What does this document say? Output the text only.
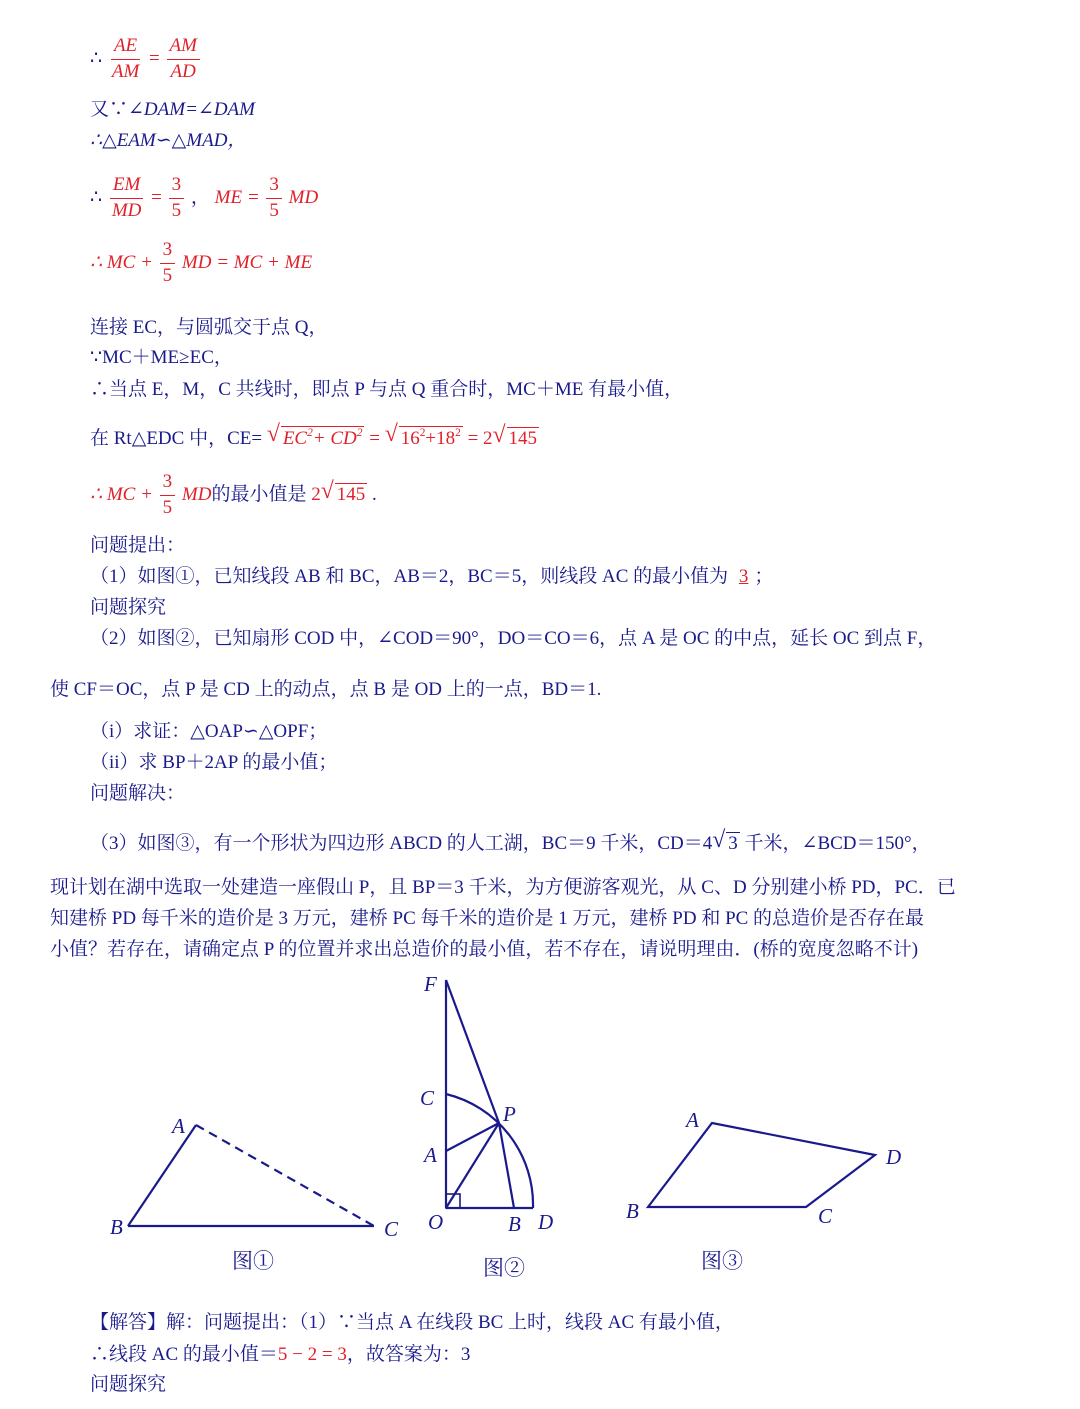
∴ $\frac{AE}{AM} = \frac{AM}{AD}$
又∵∠DAM=∠DAM
∴△EAM∽△MAD，
∴ $\frac{EM}{MD} = \frac{3}{5}$ ， ME = $\frac{3}{5}$ MD
∴ MC + $\frac{3}{5}$ MD = MC + ME
连接 EC，与圆弧交于点 Q，
∵MC＋ME≥EC，
∴当点 E，M，C 共线时，即点 P 与点 Q 重合时，MC＋ME 有最小值，
在 Rt△EDC 中，CE= √ $EC^2+ CD^2$ = √ $16^2+18^2 = 2√$ 145
∴ MC + $\frac{3}{5}$ MD的最小值是 2√ 145 .
问题提出：
（1）如图①，已知线段 AB 和 BC，AB＝2，BC＝5，则线段 AC 的最小值为 3 ；
问题探究
（2）如图②，已知扇形 COD 中，∠COD＝90°，DO＝CO＝6，点 A 是 OC 的中点，延长 OC 到点 F，
使 CF＝OC，点 P 是 CD 上的动点，点 B 是 OD 上的一点，BD＝1.
（i）求证：△OAP∽△OPF；
（ii）求 BP＋2AP 的最小值；
问题解决：
（3）如图③，有一个形状为四边形 ABCD 的人工湖，BC＝9 千米，CD＝4√ 3 千米，∠BCD＝150°，
现计划在湖中选取一处建造一座假山 P，且 BP＝3 千米，为方便游客观光，从 C、D 分别建小桥 PD，PC．已
知建桥 PD 每千米的造价是 3 万元，建桥 PC 每千米的造价是 1 万元，建桥 PD 和 PC 的总造价是否存在最
小值？若存在，请确定点 P 的位置并求出总造价的最小值，若不存在，请说明理由．(桥的宽度忽略不计)
A
B	C
F
C
A
P
O	B D
A
B	C
D
图①	图②	图③
【解答】解：问题提出：（1）∵当点 A 在线段 BC 上时，线段 AC 有最小值，
∴线段 AC 的最小值＝5 − 2 = 3，故答案为：3
问题探究
